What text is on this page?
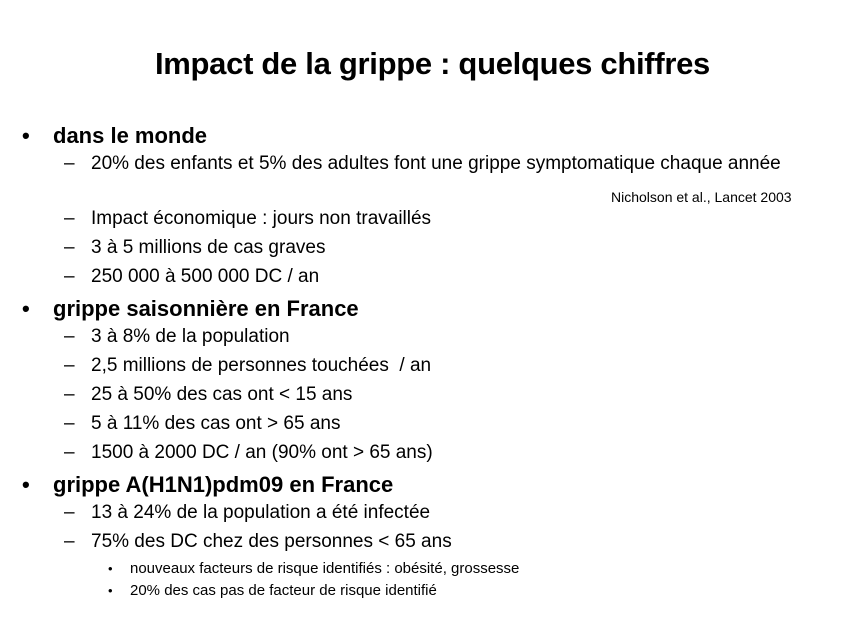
Impact de la grippe : quelques chiffres
Nicholson et al., Lancet 2003
• dans le monde
– 20% des enfants et 5% des adultes font une grippe symptomatique chaque année
– Impact économique : jours non travaillés
– 3 à 5 millions de cas graves
– 250 000 à 500 000 DC / an
• grippe saisonnière en France
– 3 à 8% de la population
– 2,5 millions de personnes touchées  / an
– 25 à 50% des cas ont < 15 ans
– 5 à 11% des cas ont > 65 ans
– 1500 à 2000 DC / an (90% ont > 65 ans)
• grippe A(H1N1)pdm09 en France
– 13 à 24% de la population a été infectée
– 75% des DC chez des personnes < 65 ans
• nouveaux facteurs de risque identifiés : obésité, grossesse
• 20% des cas pas de facteur de risque identifié
